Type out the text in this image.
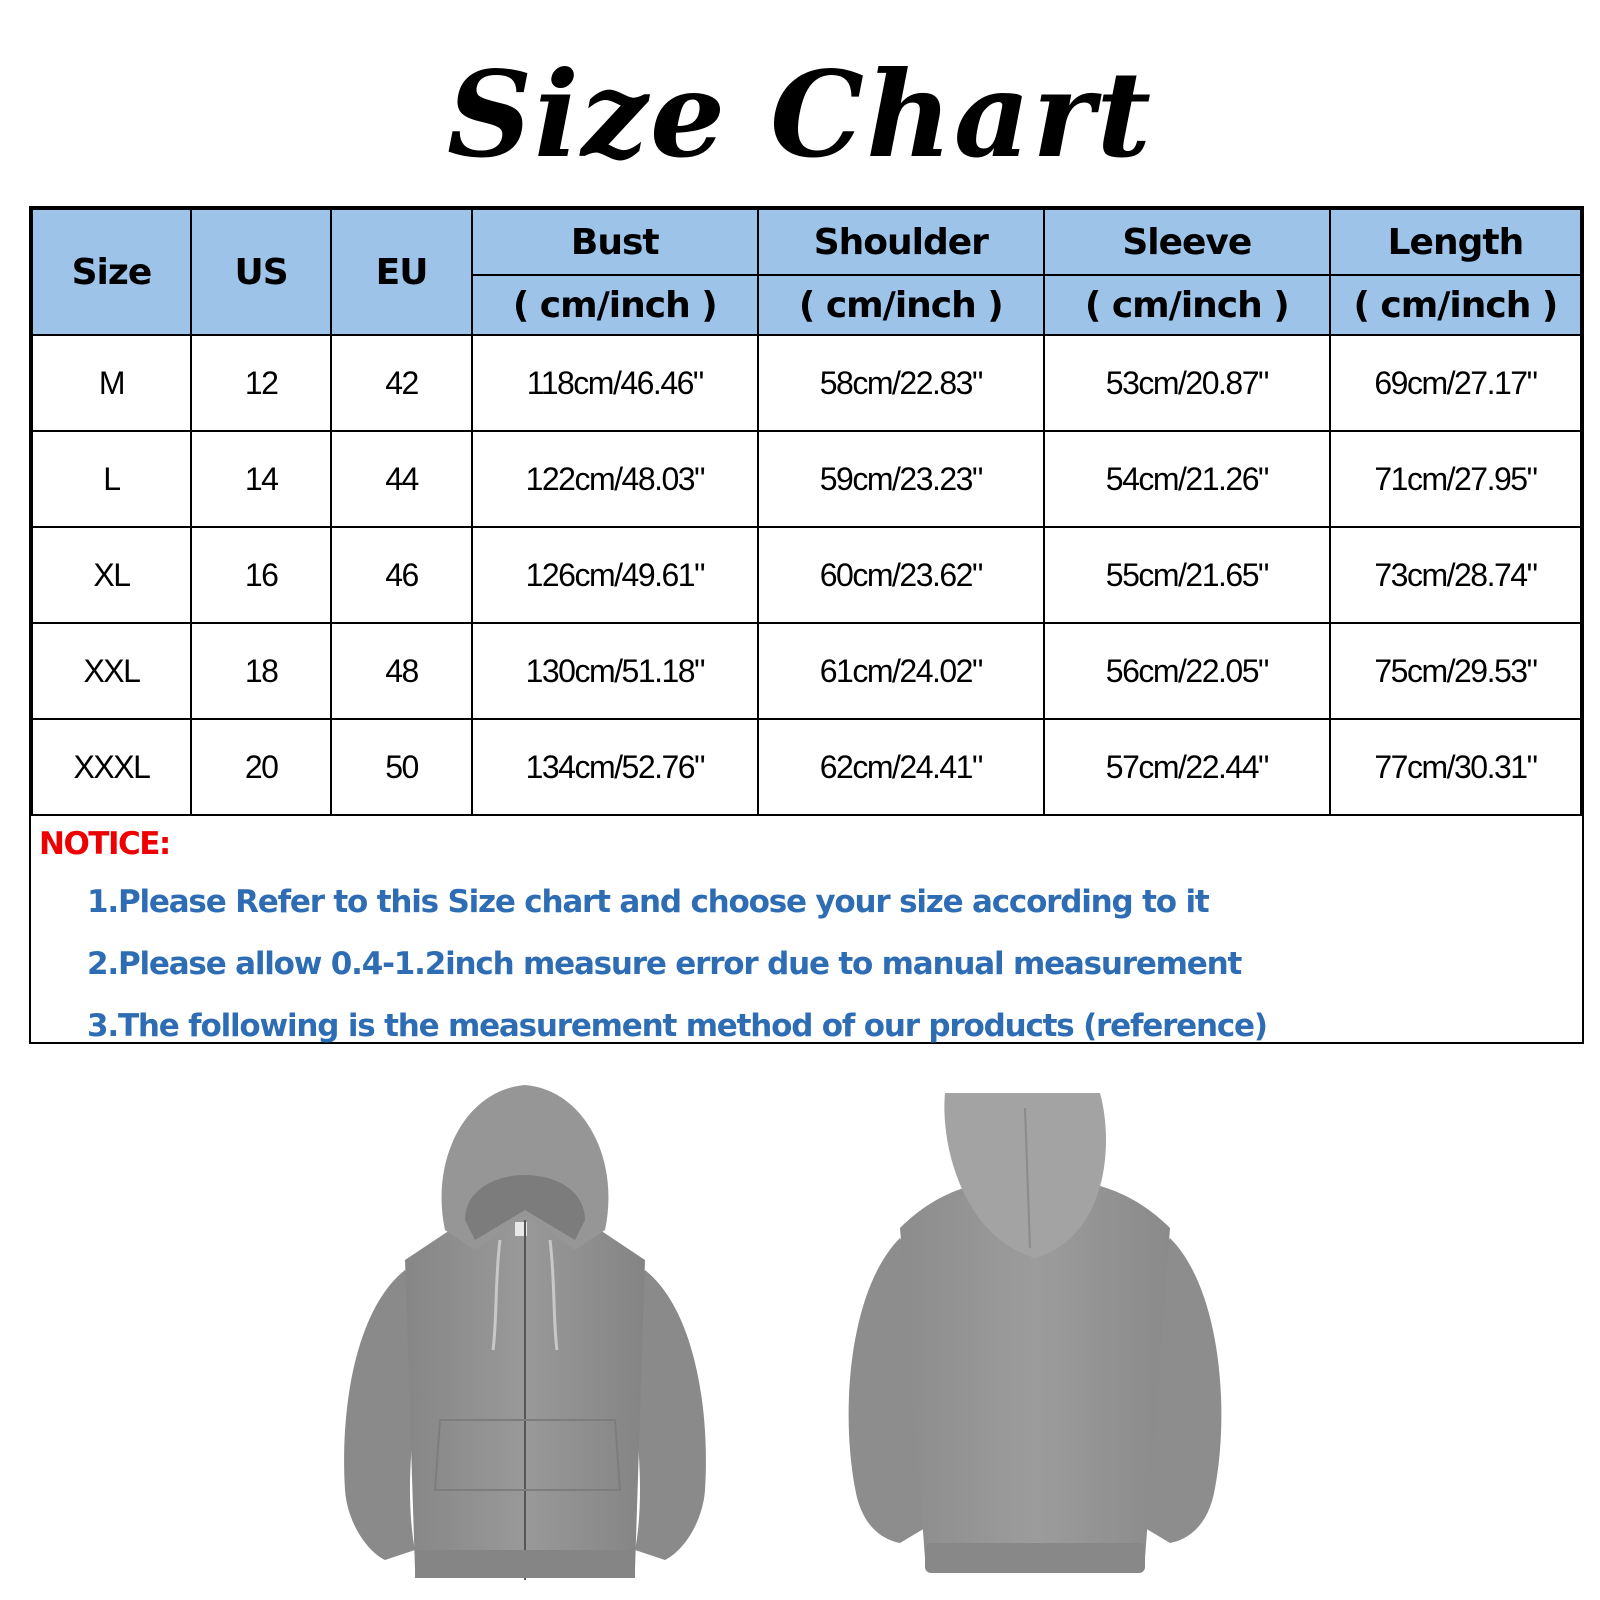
Size Chart
Size	US	EU	Bust	Shoulder	Sleeve	Length
			( cm/inch )	( cm/inch )	( cm/inch )	( cm/inch )
M	12	42	118cm/46.46"	58cm/22.83"	53cm/20.87"	69cm/27.17"
L	14	44	122cm/48.03"	59cm/23.23"	54cm/21.26"	71cm/27.95"
XL	16	46	126cm/49.61"	60cm/23.62"	55cm/21.65"	73cm/28.74"
XXL	18	48	130cm/51.18"	61cm/24.02"	56cm/22.05"	75cm/29.53"
XXXL	20	50	134cm/52.76"	62cm/24.41"	57cm/22.44"	77cm/30.31"
NOTICE:
1.Please Refer to this Size chart and choose your size according to it
2.Please allow 0.4-1.2inch measure error due to manual measurement
3.The following is the measurement method of our products (reference)
